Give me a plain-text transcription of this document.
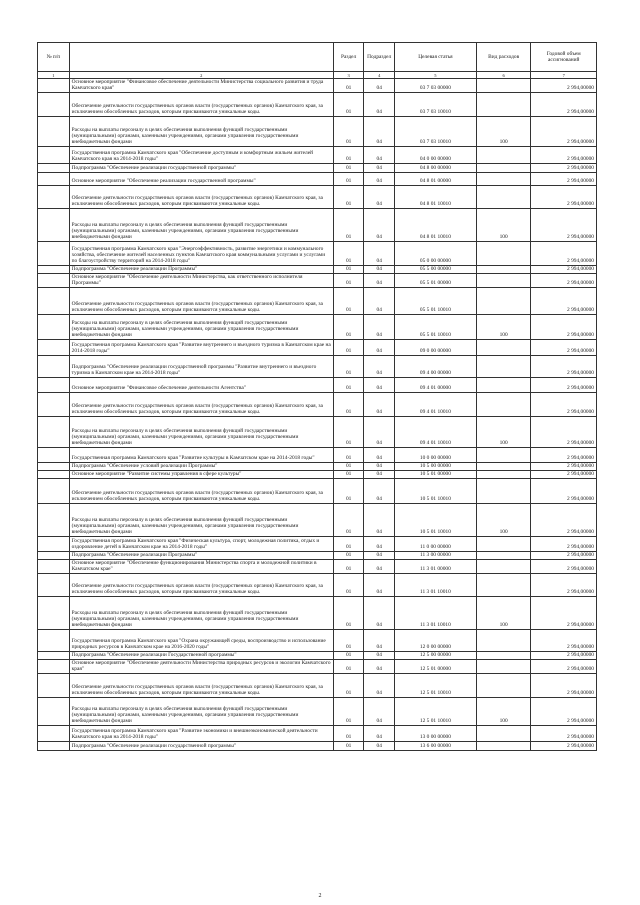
№ п/п		Раздел	Подраздел	Целевая статья	Вид расходов	Годовой объем ассигнований
1	2	3	4	5	6	7
	Основное мероприятие "Финансовое обеспечение деятельности Министерства социального развития и труда Камчатского края"	01	04	03 7 03 00000		2 994,00000
	Обеспечение деятельности государственных органов власти (государственных органов) Камчатского края, за исключением обособленных расходов, которым присваиваются уникальные коды.	01	04	03 7 03 10010		2 994,00000
	Расходы на выплаты персоналу в целях обеспечения выполнения функций государственными (муниципальными) органами, казенными учреждениями, органами управления государственными внебюджетными фондами	01	04	03 7 03 10010	100	2 994,00000
	Государственная программа Камчатского края "Обеспечение доступным и комфортным жильем жителей Камчатского края на 2014-2018 годы"	01	04	04 0 00 00000		2 994,00000
	Подпрограмма "Обеспечение реализации государственной программы"	01	04	04 8 00 00000		2 994,00000
	Основное мероприятие "Обеспечение реализации государственной программы"	01	04	04 8 01 00000		2 994,00000
	Обеспечение деятельности государственных органов власти (государственных органов) Камчатского края, за исключением обособленных расходов, которым присваиваются уникальные коды.	01	04	04 8 01 10010		2 994,00000
	Расходы на выплаты персоналу в целях обеспечения выполнения функций государственными (муниципальными) органами, казенными учреждениями, органами управления государственными внебюджетными фондами	01	04	04 8 01 10010	100	2 994,00000
	Государственная программа Камчатского края "Энергоэффективность, развитие энергетики и коммунального хозяйства, обеспечение жителей населенных пунктов Камчатского края коммунальными услугами и услугами по благоустройству территорий на 2014-2018 годы"	01	04	05 0 00 00000		2 994,00000
	Подпрограмма "Обеспечение реализации Программы"	01	04	05 5 00 00000		2 994,00000
	Основное мероприятие "Обеспечение деятельности Министерства, как ответственного исполнителя Программы"	01	04	05 5 01 00000		2 994,00000
	Обеспечение деятельности государственных органов власти (государственных органов) Камчатского края, за исключением обособленных расходов, которым присваиваются уникальные коды.	01	04	05 5 01 10010		2 994,00000
	Расходы на выплаты персоналу в целях обеспечения выполнения функций государственными (муниципальными) органами, казенными учреждениями, органами управления государственными внебюджетными фондами	01	04	05 5 01 10010	100	2 994,00000
	Государственная программа Камчатского края "Развитие внутреннего и въездного туризма в Камчатском крае на 2014-2018 годы"	01	04	09 0 00 00000		2 994,00000
	Подпрограмма "Обеспечение реализации государственной программы "Развитие внутреннего и въездного туризма в Камчатском крае на 2014-2018 годы"	01	04	09 4 00 00000		2 994,00000
	Основное мероприятие "Финансовое обеспечение деятельности Агентства"	01	04	09 4 01 00000		2 994,00000
	Обеспечение деятельности государственных органов власти (государственных органов) Камчатского края, за исключением обособленных расходов, которым присваиваются уникальные коды.	01	04	09 4 01 10010		2 994,00000
	Расходы на выплаты персоналу в целях обеспечения выполнения функций государственными (муниципальными) органами, казенными учреждениями, органами управления государственными внебюджетными фондами	01	04	09 4 01 10010	100	2 994,00000
	Государственная программа Камчатского края "Развитие культуры в Камчатском крае на 2014-2018 годы"	01	04	10 0 00 00000		2 994,00000
	Подпрограмма "Обеспечение условий реализации Программы"	01	04	10 5 00 00000		2 994,00000
	Основное мероприятие "Развитие системы управления в сфере культуры"	01	04	10 5 01 00000		2 994,00000
	Обеспечение деятельности государственных органов власти (государственных органов) Камчатского края, за исключением обособленных расходов, которым присваиваются уникальные коды.	01	04	10 5 01 10010		2 994,00000
	Расходы на выплаты персоналу в целях обеспечения выполнения функций государственными (муниципальными) органами, казенными учреждениями, органами управления государственными внебюджетными фондами	01	04	10 5 01 10010	100	2 994,00000
	Государственная программа Камчатского края "Физическая культура, спорт, молодежная политика, отдых и оздоровление детей в Камчатском крае на 2014-2018 годы"	01	04	11 0 00 00000		2 994,00000
	Подпрограмма "Обеспечение реализации Программы"	01	04	11 3 00 00000		2 994,00000
	Основное мероприятие "Обеспечение функционирования Министерства спорта и молодежной политики в Камчатском крае"	01	04	11 3 01 00000		2 994,00000
	Обеспечение деятельности государственных органов власти (государственных органов) Камчатского края, за исключением обособленных расходов, которым присваиваются уникальные коды.	01	04	11 3 01 10010		2 994,00000
	Расходы на выплаты персоналу в целях обеспечения выполнения функций государственными (муниципальными) органами, казенными учреждениями, органами управления государственными внебюджетными фондами	01	04	11 3 01 10010	100	2 994,00000
	Государственная программа Камчатского края "Охрана окружающей среды, воспроизводство и использование природных ресурсов в Камчатском крае на 2016-2020 годы"	01	04	12 0 00 00000		2 994,00000
	Подпрограмма "Обеспечение реализации Государственной программы"	01	04	12 5 00 00000		2 994,00000
	Основное мероприятие "Обеспечение деятельности Министерства природных ресурсов и экологии Камчатского края"	01	04	12 5 01 00000		2 994,00000
	Обеспечение деятельности государственных органов власти (государственных органов) Камчатского края, за исключением обособленных расходов, которым присваиваются уникальные коды.	01	04	12 5 01 10010		2 994,00000
	Расходы на выплаты персоналу в целях обеспечения выполнения функций государственными (муниципальными) органами, казенными учреждениями, органами управления государственными внебюджетными фондами	01	04	12 5 01 10010	100	2 994,00000
	Государственная программа Камчатского края "Развитие экономики и внешнеэкономической деятельности Камчатского края на 2014-2018 годы"	01	04	13 0 00 00000		2 994,00000
	Подпрограмма "Обеспечение реализации государственной программы"	01	04	13 6 00 00000		2 994,00000
2
